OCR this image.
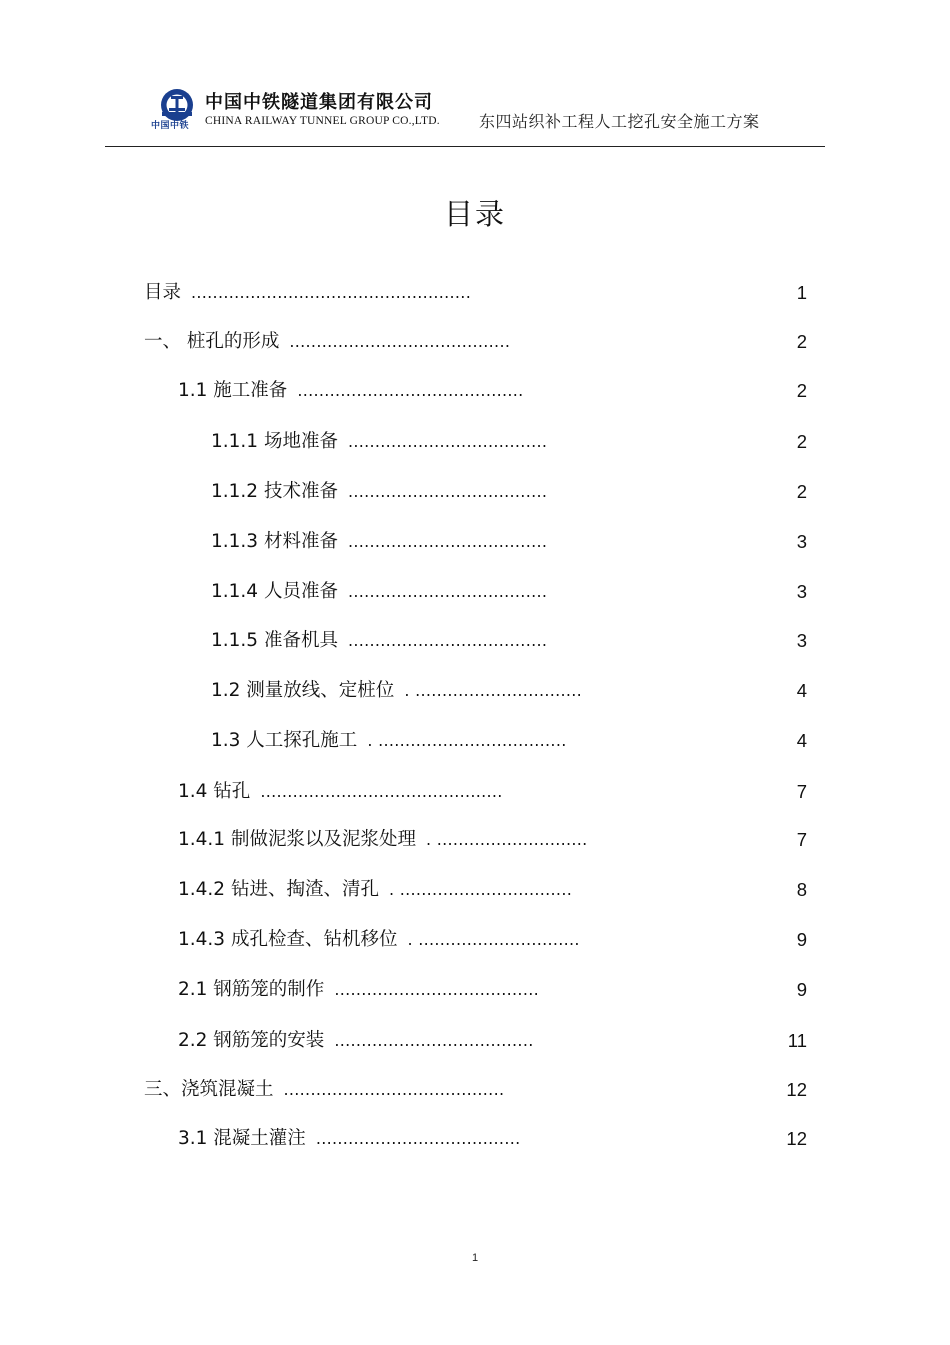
中国中铁
中国中铁隧道集团有限公司
CHINA RAILWAY TUNNEL GROUP CO.,LTD. 东四站织补工程人工挖孔安全施工方案
目录
目录 ....................................................	1
一、 桩孔的形成 .........................................	2
1.1 施工准备 ..........................................	2
1.1.1 场地准备 .....................................	2
1.1.2 技术准备 .....................................	2
1.1.3 材料准备 .....................................	3
1.1.4 人员准备 .....................................	3
1.1.5 准备机具 .....................................	3
1.2 测量放线、定桩位 . ...............................	4
1.3 人工探孔施工 . ...................................	4
1.4 钻孔 .............................................	7
1.4.1 制做泥浆以及泥浆处理 . ............................	7
1.4.2 钻进、掏渣、清孔 . ................................	8
1.4.3 成孔检查、钻机移位 . ..............................	9
2.1 钢筋笼的制作 ......................................	9
2.2 钢筋笼的安装 .....................................	11
三、浇筑混凝土 .........................................	12
3.1 混凝土灌注 ......................................	12
1
